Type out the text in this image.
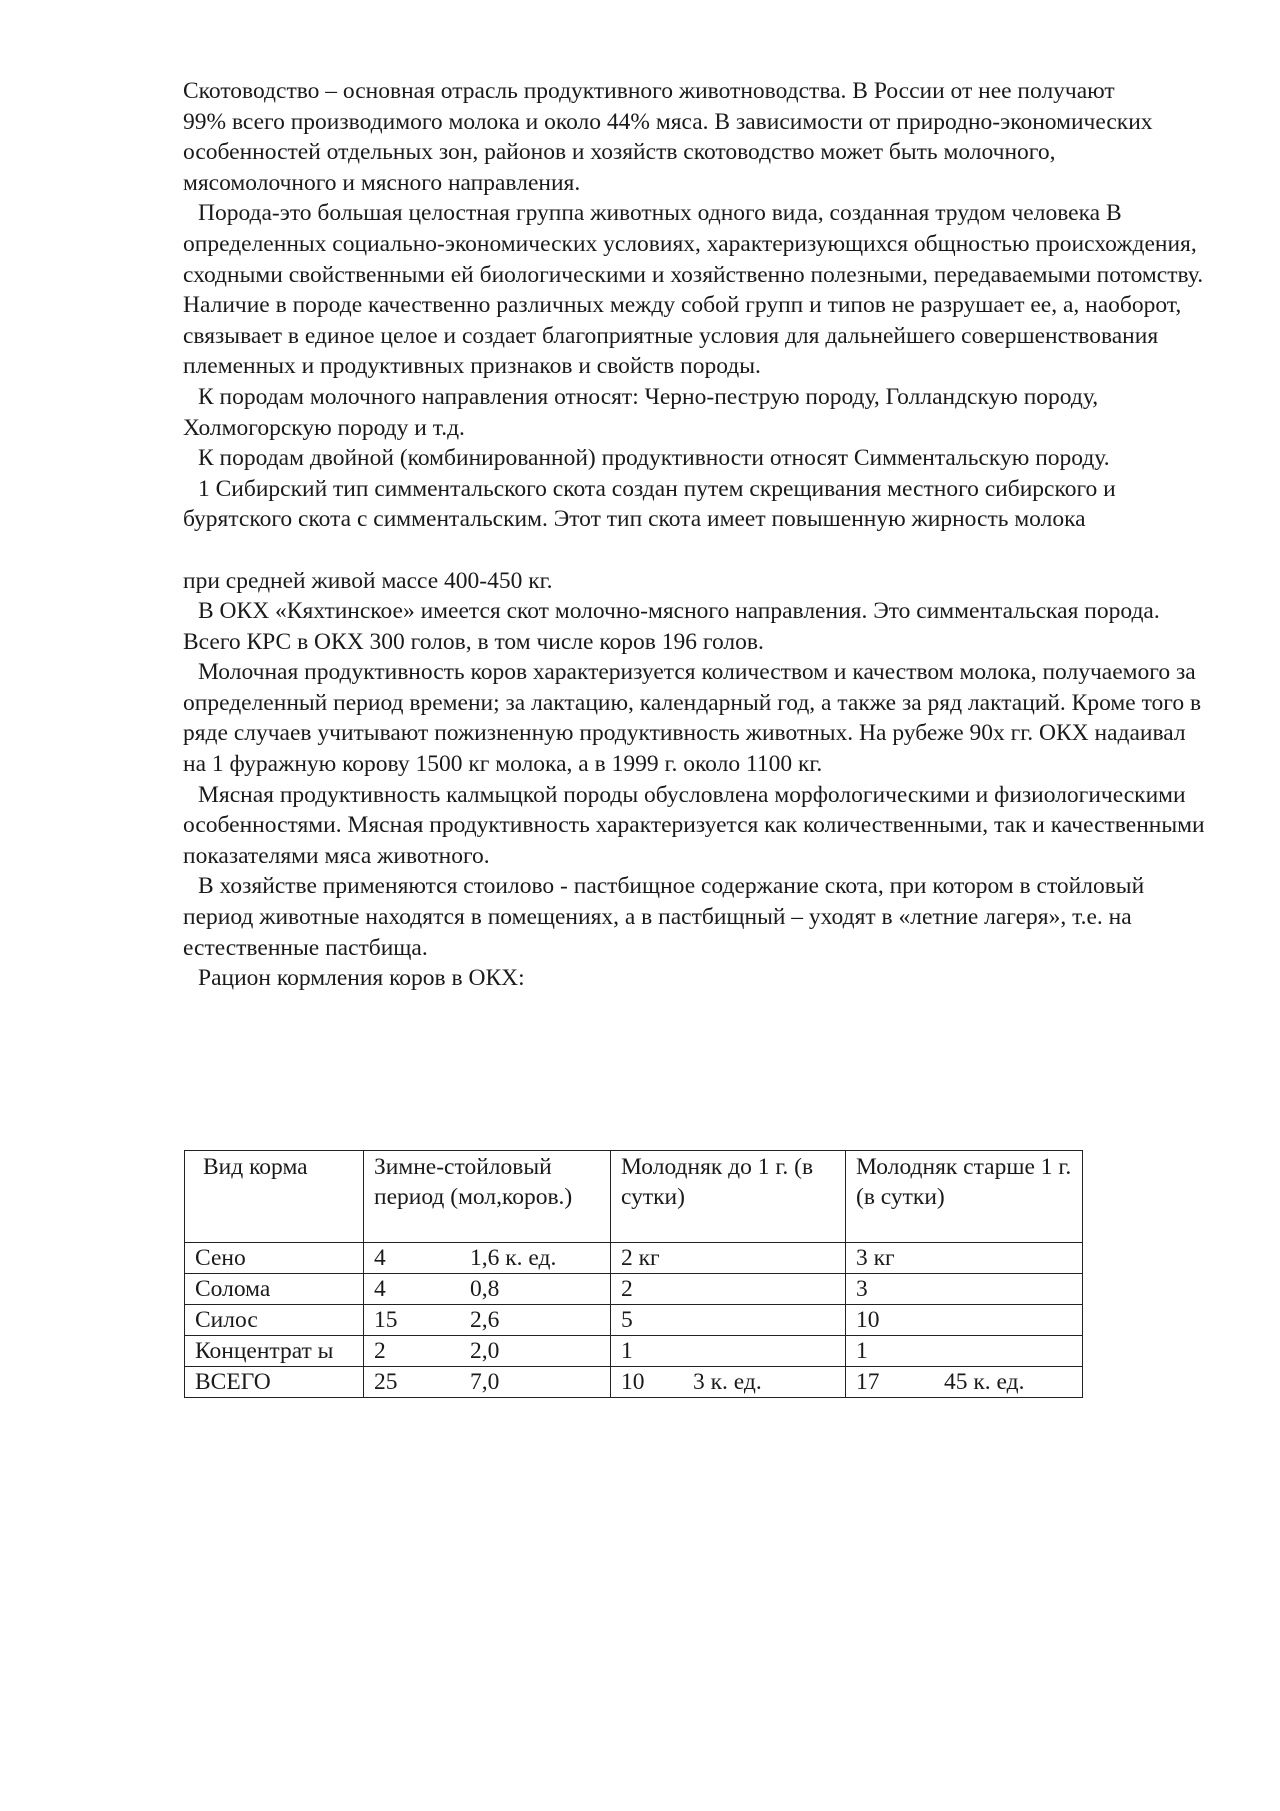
Скотоводство – основная отрасль продуктивного животноводства. В России от нее получают

99% всего производимого молока и около 44% мяса. В зависимости от природно-экономических особенностей отдельных зон, районов и хозяйств скотоводство может быть молочного, мясомолочного и мясного направления.

Порода-это большая целостная группа животных одного вида, созданная трудом человека В определенных социально-экономических условиях, характеризующихся общностью происхождения, сходными свойственными ей биологическими и хозяйственно полезными, передаваемыми потомству. Наличие в породе качественно различных между собой групп и типов не разрушает ее, а, наоборот, связывает в единое целое и создает благоприятные условия для дальнейшего совершенствования племенных и продуктивных признаков и свойств породы.

К породам молочного направления относят: Черно-пеструю породу, Голландскую породу, Холмогорскую породу и т.д.

К породам двойной (комбинированной) продуктивности относят Симментальскую породу.

1 Сибирский тип симментальского скота создан путем скрещивания местного сибирского и бурятского скота с симментальским. Этот тип скота имеет повышенную жирность молока

при средней живой массе 400-450 кг.

В ОКХ «Кяхтинское» имеется скот молочно-мясного направления. Это симментальская порода. Всего КРС в ОКХ 300 голов, в том числе коров 196 голов.

Молочная продуктивность коров характеризуется количеством и качеством молока, получаемого за определенный период времени; за лактацию, календарный год, а также за ряд лактаций. Кроме того в ряде случаев учитывают пожизненную продуктивность животных. На рубеже 90х гг. ОКХ надаивал на 1 фуражную корову 1500 кг молока, а в 1999 г. около 1100 кг.

Мясная продуктивность калмыцкой породы обусловлена морфологическими и физиологическими особенностями. Мясная продуктивность характеризуется как количественными, так и качественными показателями мяса животного.

В хозяйстве применяются стоилово - пастбищное содержание скота, при котором в стойловый период животные находятся в помещениях, а в пастбищный – уходят в «летние лагеря», т.е. на естественные пастбища.

Рацион кормления коров в ОКХ:

Вид корма	Зимне-стойловый период (мол,коров.)	Молодняк до 1 г. (в сутки)	Молодняк старше 1 г. (в сутки)
Сено	4 1,6 к. ед.	2 кг	3 кг
Солома	4 0,8	2	3
Силос	15 2,6	5	10
Концентрат ы	2 2,0	1	1
ВСЕГО	25 7,0	10 3 к. ед.	17 45 к. ед.
